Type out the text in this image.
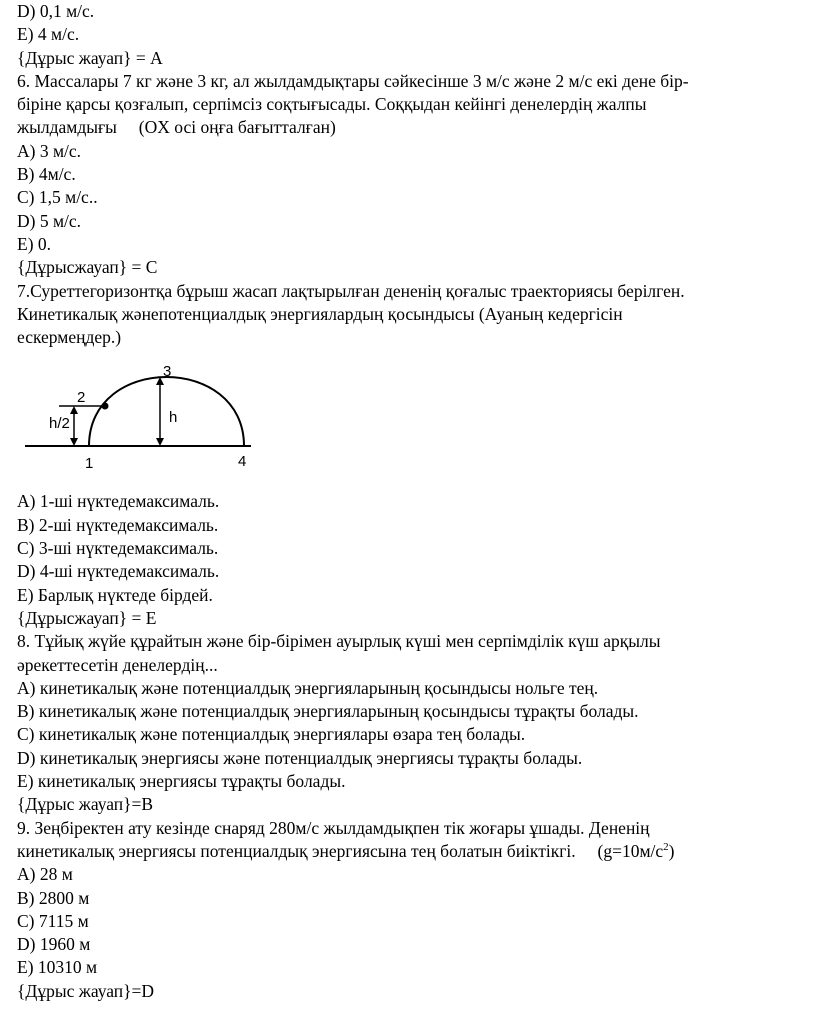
D) 0,1 м/с.
E) 4 м/с.
{Дұрыс жауап} = A
6. Массалары 7 кг және 3 кг, ал жылдамдықтары сәйкесінше 3 м/с және 2 м/с екі дене бір-
біріне қарсы қозғалып, серпімсіз соқтығысады. Соққыдан кейінгі денелердің жалпы
жылдамдығы     (OX осі оңға бағытталған)
A) 3 м/с.
B) 4м/с.
C) 1,5 м/с..
D) 5 м/с.
E) 0.
{Дұрысжауап} = C
7.Суреттегоризонтқа бұрыш жасап лақтырылған дененің қоғалыс траекториясы берілген.
Кинетикалық жәнепотенциалдық энергиялардың қосындысы (Ауаның кедергісін
ескермеңдер.)
2
3
h
h/2
1	4
A) 1-ші нүктедемаксималь.
B) 2-ші нүктедемаксималь.
C) 3-ші нүктедемаксималь.
D) 4-ші нүктедемаксималь.
E) Барлық нүктеде бірдей.
{Дұрысжауап} = E
8. Тұйық жүйе құрайтын және бір-бірімен ауырлық күші мен серпімділік күш арқылы
әрекеттесетін денелердің...
A) кинетикалық және потенциалдық энергияларының қосындысы нольге тең.
B) кинетикалық және потенциалдық энергияларының қосындысы тұрақты болады.
C) кинетикалық және потенциалдық энергиялары өзара тең болады.
D) кинетикалық энергиясы және потенциалдық энергиясы тұрақты болады.
E) кинетикалық энергиясы тұрақты болады.
{Дұрыс жауап}=B
9. Зеңбіректен ату кезінде снаряд 280м/с жылдамдықпен тік жоғары ұшады. Дененің
кинетикалық энергиясы потенциалдық энергиясына тең болатын биіктікгі.     $(g=10м/с^2)$
A) 28 м
B) 2800 м
C) 7115 м
D) 1960 м
E) 10310 м
{Дұрыс жауап}=D
